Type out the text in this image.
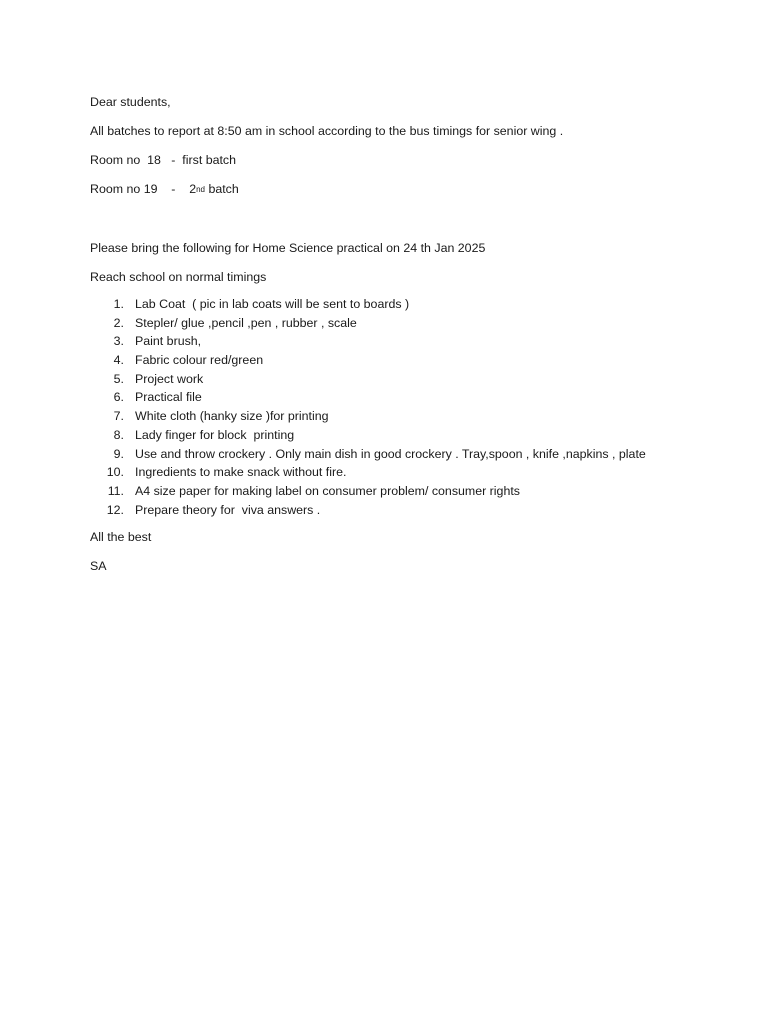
Dear students,

All batches to report at 8:50 am in school according to the bus timings for senior wing .

Room no  18 - first batch

Room no 19 - 2nd batch

Please bring the following for Home Science practical on 24 th Jan 2025

Reach school on normal timings

1. Lab Coat  ( pic in lab coats will be sent to boards )
2. Stepler/ glue ,pencil ,pen , rubber , scale
3. Paint brush,
4. Fabric colour red/green
5. Project work
6. Practical file
7. White cloth (hanky size )for printing
8. Lady finger for block  printing
9. Use and throw crockery . Only main dish in good crockery . Tray,spoon , knife ,napkins , plate
10. Ingredients to make snack without fire.
11. A4 size paper for making label on consumer problem/ consumer rights
12. Prepare theory for  viva answers .

All the best

SA
